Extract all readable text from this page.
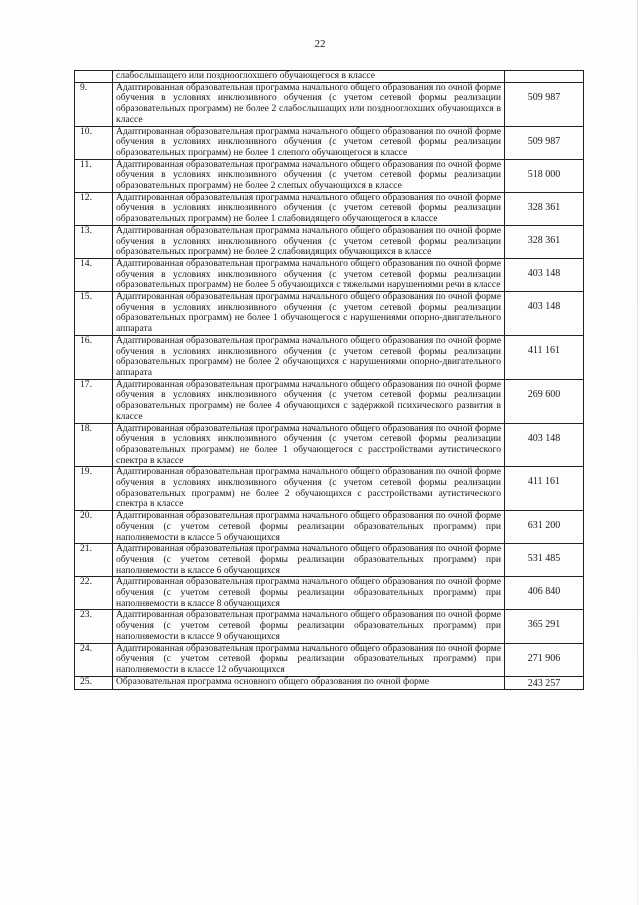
22
	слабослышащего или позднооглохшего обучающегося в классе	
9.	Адаптированная образовательная программа начального общего образования по очной форме обучения в условиях инклюзивного обучения (с учетом сетевой формы реализации образовательных программ) не более 2 слабослышащих или позднооглохших обучающихся в классе	509 987
10.	Адаптированная образовательная программа начального общего образования по очной форме обучения в условиях инклюзивного обучения (с учетом сетевой формы реализации образовательных программ) не более 1 слепого обучающегося в классе	509 987
11.	Адаптированная образовательная программа начального общего образования по очной форме обучения в условиях инклюзивного обучения (с учетом сетевой формы реализации образовательных программ) не более 2 слепых обучающихся в классе	518 000
12.	Адаптированная образовательная программа начального общего образования по очной форме обучения в условиях инклюзивного обучения (с учетом сетевой формы реализации образовательных программ) не более 1 слабовидящего обучающегося в классе	328 361
13.	Адаптированная образовательная программа начального общего образования по очной форме обучения в условиях инклюзивного обучения (с учетом сетевой формы реализации образовательных программ) не более 2 слабовидящих обучающихся в классе	328 361
14.	Адаптированная образовательная программа начального общего образования по очной форме обучения в условиях инклюзивного обучения (с учетом сетевой формы реализации образовательных программ) не более 5 обучающихся с тяжелыми нарушениями речи в классе	403 148
15.	Адаптированная образовательная программа начального общего образования по очной форме обучения в условиях инклюзивного обучения (с учетом сетевой формы реализации образовательных программ) не более 1 обучающегося с нарушениями опорно-двигательного аппарата	403 148
16.	Адаптированная образовательная программа начального общего образования по очной форме обучения в условиях инклюзивного обучения (с учетом сетевой формы реализации образовательных программ) не более 2 обучающихся с нарушениями опорно-двигательного аппарата	411 161
17.	Адаптированная образовательная программа начального общего образования по очной форме обучения в условиях инклюзивного обучения (с учетом сетевой формы реализации образовательных программ) не более 4 обучающихся с задержкой психического развития в классе	269 600
18.	Адаптированная образовательная программа начального общего образования по очной форме обучения в условиях инклюзивного обучения (с учетом сетевой формы реализации образовательных программ) не более 1 обучающегося с расстройствами аутистического спектра в классе	403 148
19.	Адаптированная образовательная программа начального общего образования по очной форме обучения в условиях инклюзивного обучения (с учетом сетевой формы реализации образовательных программ) не более 2 обучающихся с расстройствами аутистического спектра в классе	411 161
20.	Адаптированная образовательная программа начального общего образования по очной форме обучения (с учетом сетевой формы реализации образовательных программ) при наполняемости в классе 5 обучающихся	631 200
21.	Адаптированная образовательная программа начального общего образования по очной форме обучения (с учетом сетевой формы реализации образовательных программ) при наполняемости в классе 6 обучающихся	531 485
22.	Адаптированная образовательная программа начального общего образования по очной форме обучения (с учетом сетевой формы реализации образовательных программ) при наполняемости в классе 8 обучающихся	406 840
23.	Адаптированная образовательная программа начального общего образования по очной форме обучения (с учетом сетевой формы реализации образовательных программ) при наполняемости в классе 9 обучающихся	365 291
24.	Адаптированная образовательная программа начального общего образования по очной форме обучения (с учетом сетевой формы реализации образовательных программ) при наполняемости в классе 12 обучающихся	271 906
25.	Образовательная программа основного общего образования по очной форме	243 257
